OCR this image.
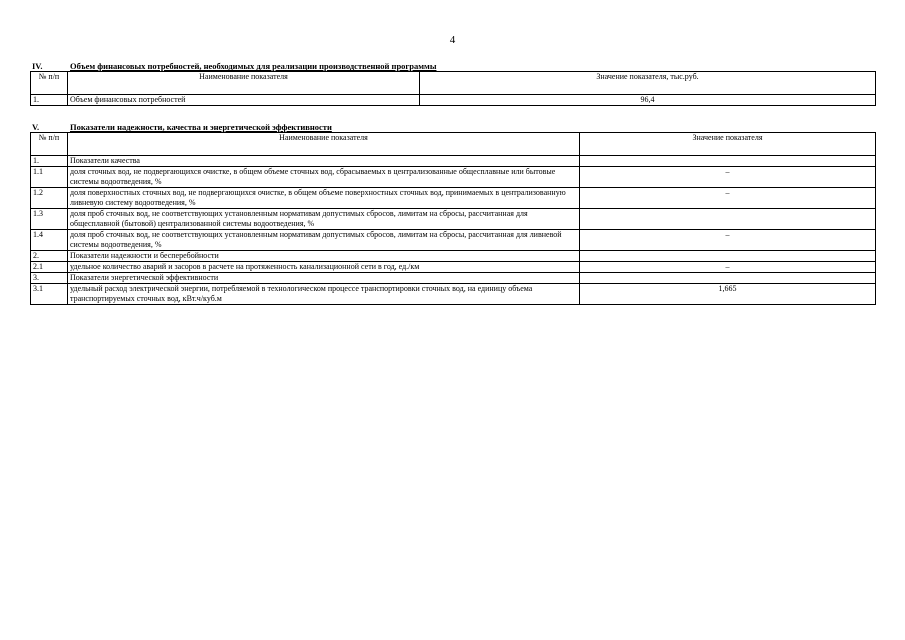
4
IV.	Объем финансовых потребностей, необходимых для реализации производственной программы
№ п/п	Наименование показателя	Значение показателя, тыс.руб.
1.	Объем финансовых потребностей	96,4
V.	Показатели надежности, качества и энергетической эффективности
№ п/п	Наименование показателя	Значение показателя
1.	Показатели качества	
1.1	доля сточных вод, не подвергающихся очистке, в общем объеме сточных вод, сбрасываемых в централизованные общесплавные или бытовые системы водоотведения, %	–
1.2	доля поверхностных сточных вод, не подвергающихся очистке, в общем объеме поверхностных сточных вод, принимаемых в централизованную ливневую систему водоотведения, %	–
1.3	доля проб сточных вод, не соответствующих установленным нормативам допустимых сбросов, лимитам на сбросы, рассчитанная для общесплавной (бытовой) централизованной системы водоотведения, %	
1.4	доля проб сточных вод, не соответствующих установленным нормативам допустимых сбросов, лимитам на сбросы, рассчитанная для ливневой системы водоотведения, %	–
2.	Показатели надежности и бесперебойности	
2.1	удельное количество аварий и засоров в расчете на протяженность канализационной сети в год, ед./км	–
3.	Показатели энергетической эффективности	
3.1	удельный расход электрической энергии, потребляемой в технологическом процессе транспортировки сточных вод, на единицу объема транспортируемых сточных вод, кВт.ч/куб.м	1,665
